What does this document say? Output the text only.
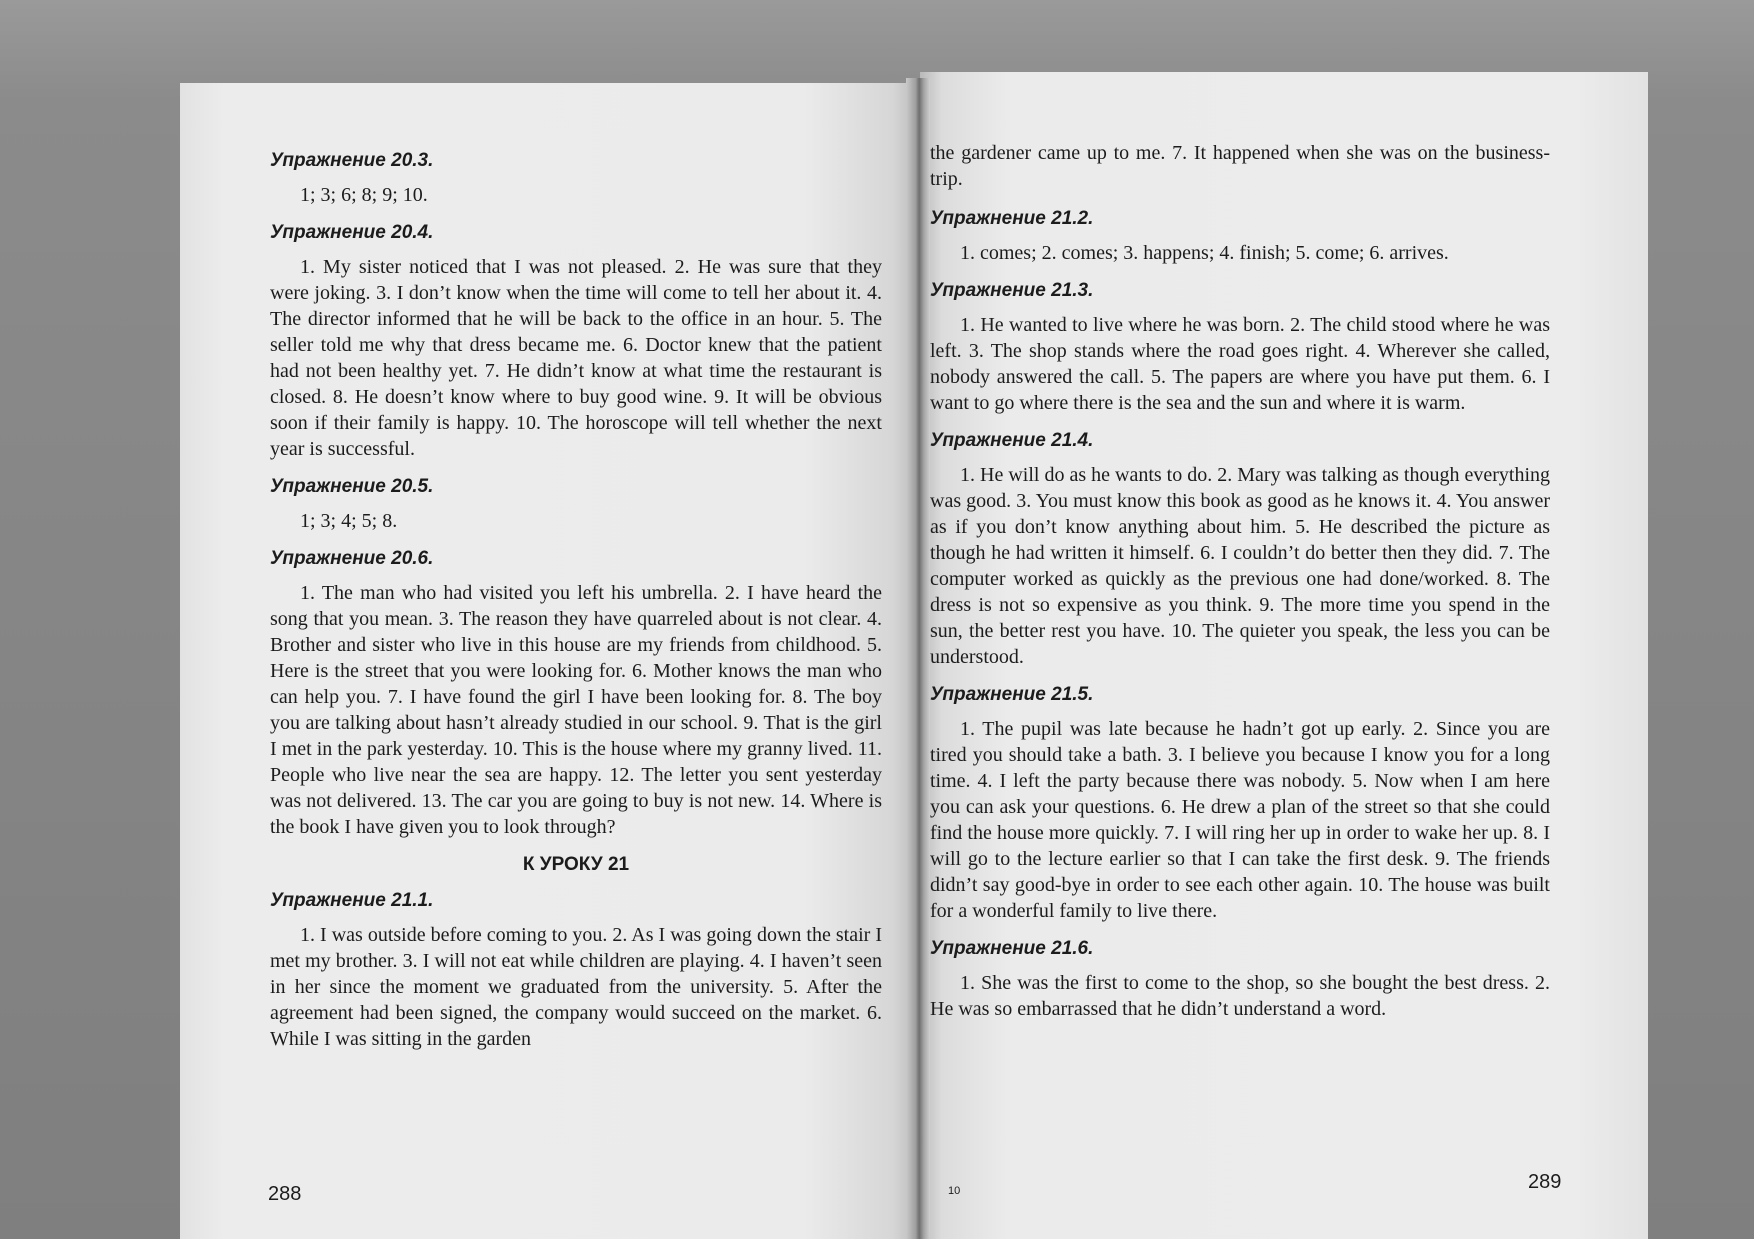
Упражнение 20.3.

1; 3; 6; 8; 9; 10.

Упражнение 20.4.

1. My sister noticed that I was not pleased. 2. He was sure that they were joking. 3. I don’t know when the time will come to tell her about it. 4. The director informed that he will be back to the office in an hour. 5. The seller told me why that dress became me. 6. Doctor knew that the patient had not been healthy yet. 7. He didn’t know at what time the restaurant is closed. 8. He doesn’t know where to buy good wine. 9. It will be obvious soon if their family is happy. 10. The horoscope will tell whether the next year is successful.

Упражнение 20.5.

1; 3; 4; 5; 8.

Упражнение 20.6.

1. The man who had visited you left his umbrella. 2. I have heard the song that you mean. 3. The reason they have quarreled about is not clear. 4. Brother and sister who live in this house are my friends from childhood. 5. Here is the street that you were looking for. 6. Mother knows the man who can help you. 7. I have found the girl I have been looking for. 8. The boy you are talking about hasn’t already studied in our school. 9. That is the girl I met in the park yesterday. 10. This is the house where my granny lived. 11. People who live near the sea are happy. 12. The letter you sent yesterday was not delivered. 13. The car you are going to buy is not new. 14. Where is the book I have given you to look through?

К УРОКУ 21

Упражнение 21.1.

1. I was outside before coming to you. 2. As I was going down the stair I met my brother. 3. I will not eat while children are playing. 4. I haven’t seen in her since the moment we graduated from the university. 5. After the agreement had been signed, the company would succeed on the market. 6. While I was sitting in the garden

288

the gardener came up to me. 7. It happened when she was on the business-trip.

Упражнение 21.2.

1. comes; 2. comes; 3. happens; 4. finish; 5. come; 6. arrives.

Упражнение 21.3.

1. He wanted to live where he was born. 2. The child stood where he was left. 3. The shop stands where the road goes right. 4. Wherever she called, nobody answered the call. 5. The papers are where you have put them. 6. I want to go where there is the sea and the sun and where it is warm.

Упражнение 21.4.

1. He will do as he wants to do. 2. Mary was talking as though everything was good. 3. You must know this book as good as he knows it. 4. You answer as if you don’t know anything about him. 5. He described the picture as though he had written it himself. 6. I couldn’t do better then they did. 7. The computer worked as quickly as the previous one had done/worked. 8. The dress is not so expensive as you think. 9. The more time you spend in the sun, the better rest you have. 10. The quieter you speak, the less you can be understood.

Упражнение 21.5.

1. The pupil was late because he hadn’t got up early. 2. Since you are tired you should take a bath. 3. I believe you because I know you for a long time. 4. I left the party because there was nobody. 5. Now when I am here you can ask your questions. 6. He drew a plan of the street so that she could find the house more quickly. 7. I will ring her up in order to wake her up. 8. I will go to the lecture earlier so that I can take the first desk. 9. The friends didn’t say good-bye in order to see each other again. 10. The house was built for a wonderful family to live there.

Упражнение 21.6.

1. She was the first to come to the shop, so she bought the best dress. 2. He was so embarrassed that he didn’t understand a word.

10	289
